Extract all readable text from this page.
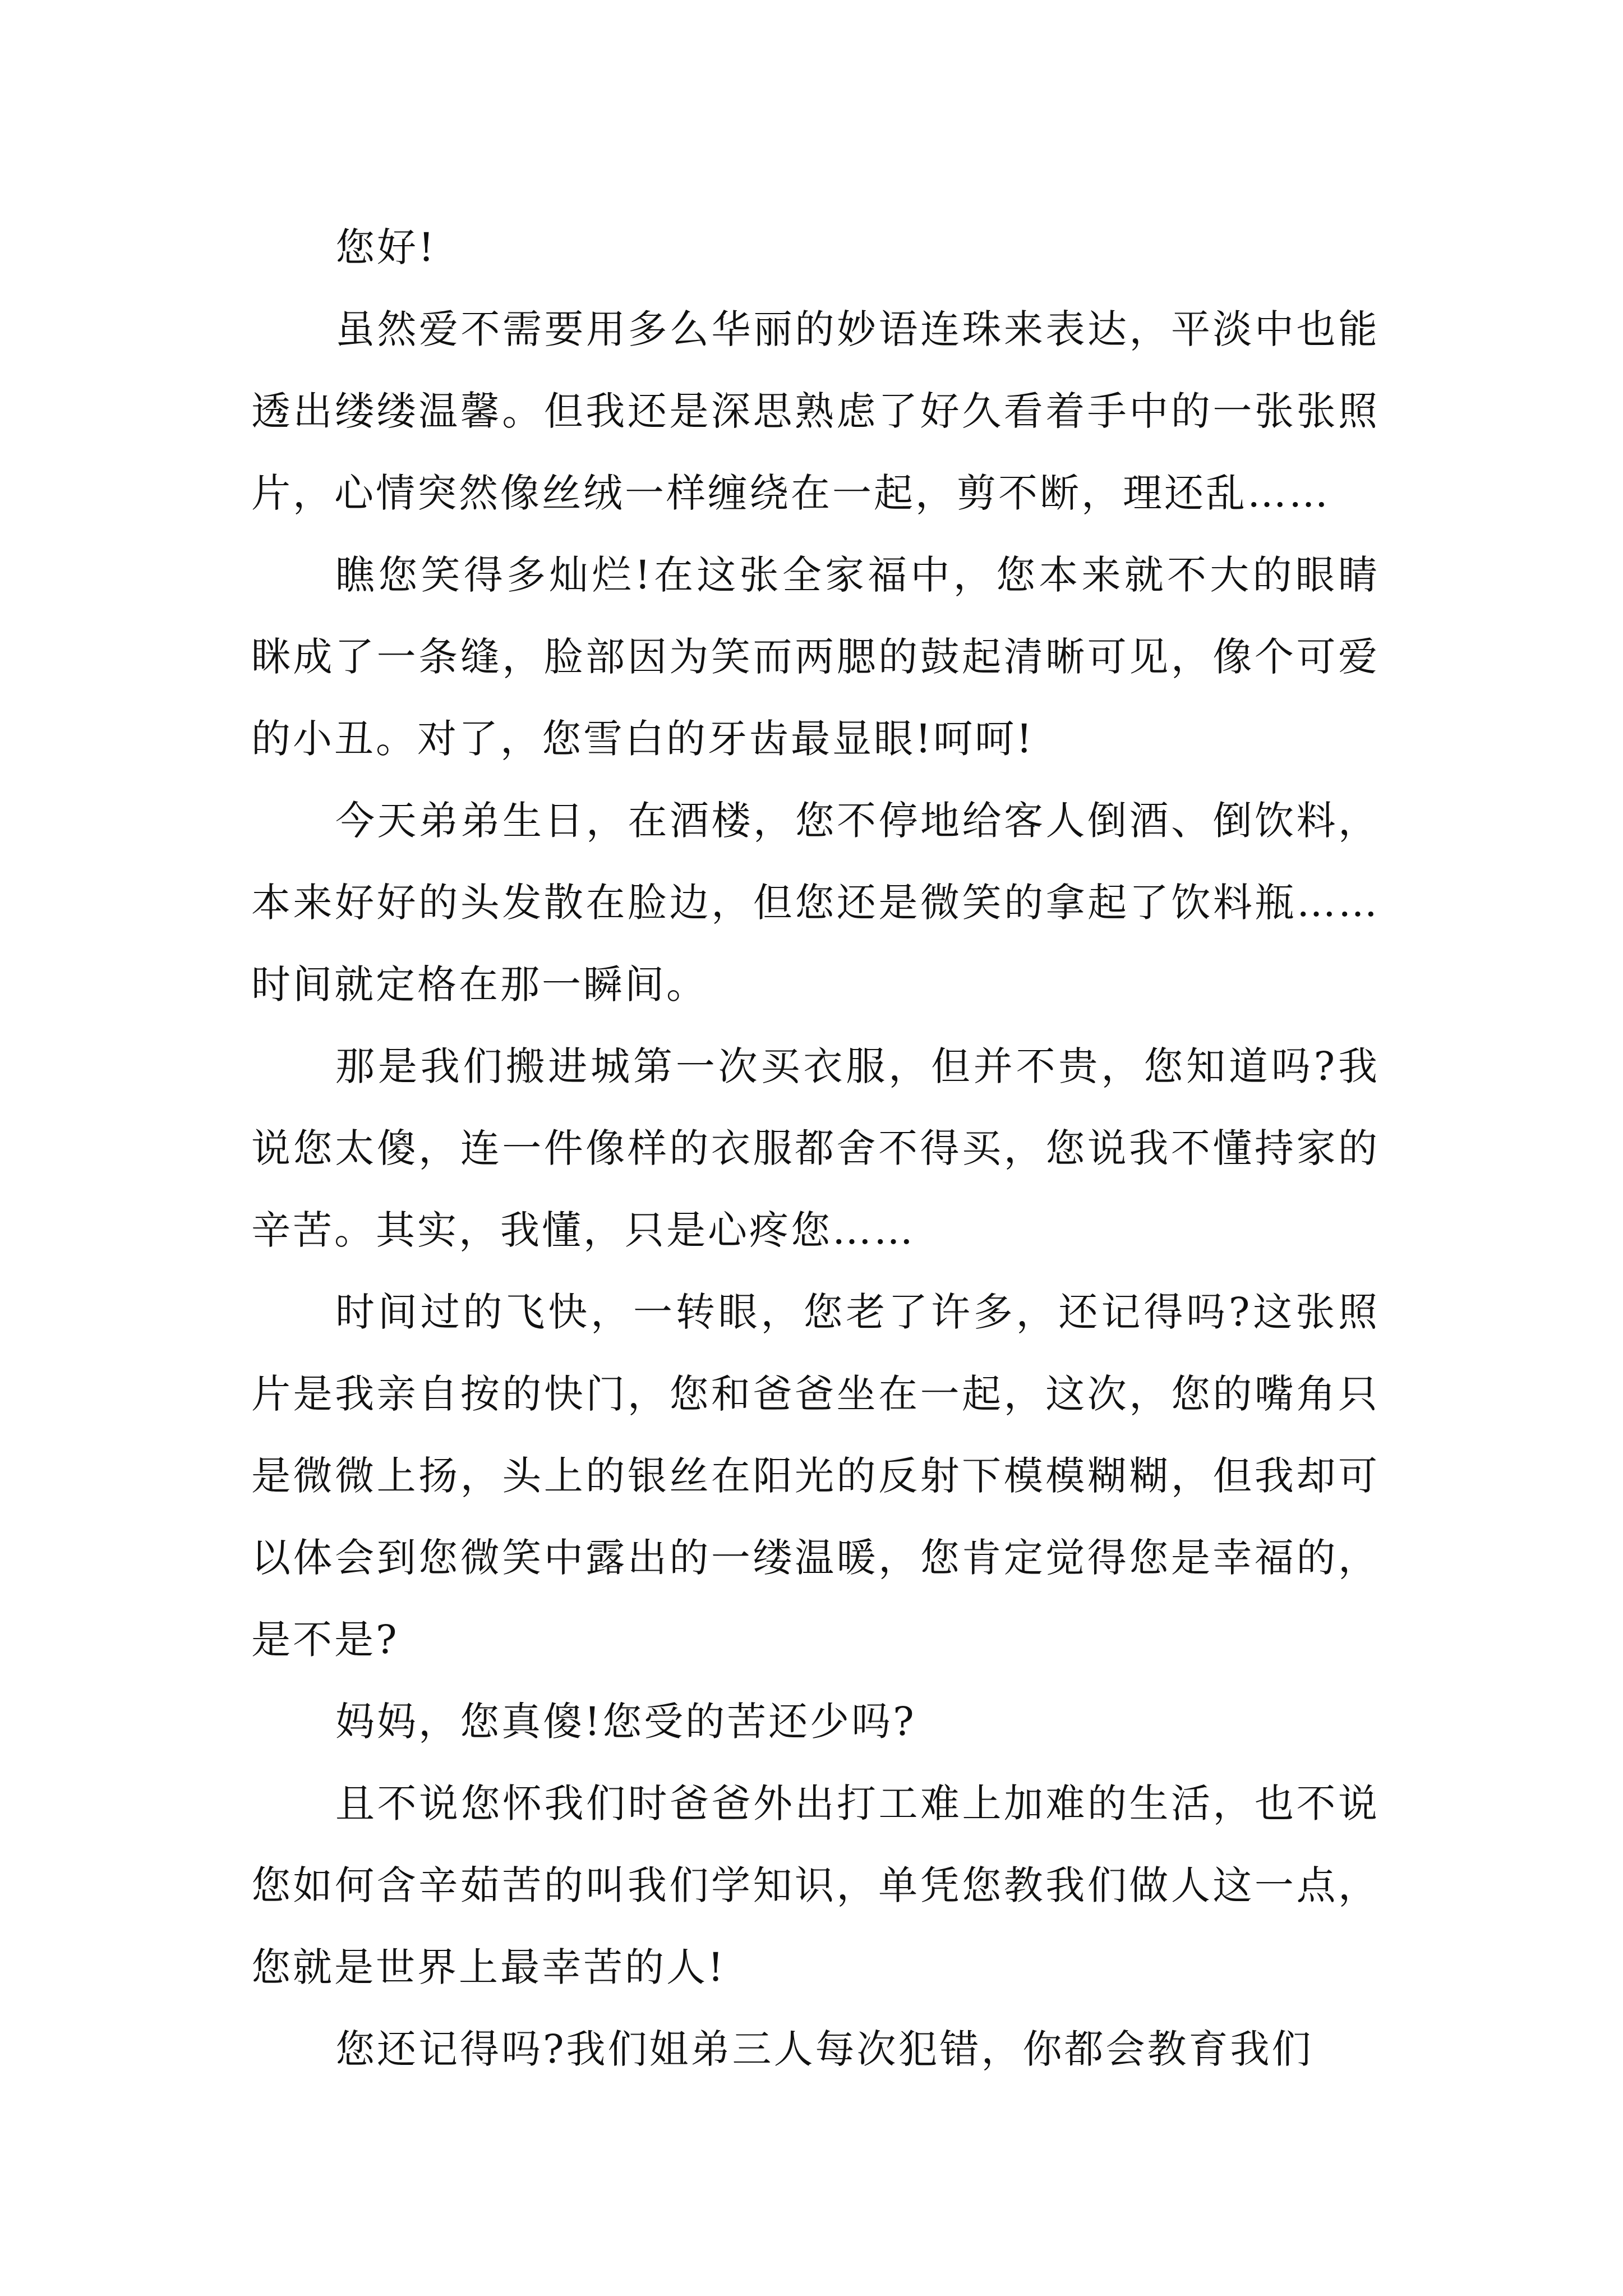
您好!

虽然爱不需要用多么华丽的妙语连珠来表达，平淡中也能透出缕缕温馨。但我还是深思熟虑了好久看着手中的一张张照片，心情突然像丝绒一样缠绕在一起，剪不断，理还乱……

瞧您笑得多灿烂!在这张全家福中，您本来就不大的眼睛眯成了一条缝，脸部因为笑而两腮的鼓起清晰可见，像个可爱的小丑。对了，您雪白的牙齿最显眼!呵呵!

今天弟弟生日，在酒楼，您不停地给客人倒酒、倒饮料，本来好好的头发散在脸边，但您还是微笑的拿起了饮料瓶……时间就定格在那一瞬间。

那是我们搬进城第一次买衣服，但并不贵，您知道吗?我说您太傻，连一件像样的衣服都舍不得买，您说我不懂持家的辛苦。其实，我懂，只是心疼您……

时间过的飞快，一转眼，您老了许多，还记得吗?这张照片是我亲自按的快门，您和爸爸坐在一起，这次，您的嘴角只是微微上扬，头上的银丝在阳光的反射下模模糊糊，但我却可以体会到您微笑中露出的一缕温暖，您肯定觉得您是幸福的，是不是?

妈妈，您真傻!您受的苦还少吗?

且不说您怀我们时爸爸外出打工难上加难的生活，也不说您如何含辛茹苦的叫我们学知识，单凭您教我们做人这一点，您就是世界上最幸苦的人!

您还记得吗?我们姐弟三人每次犯错，你都会教育我们
